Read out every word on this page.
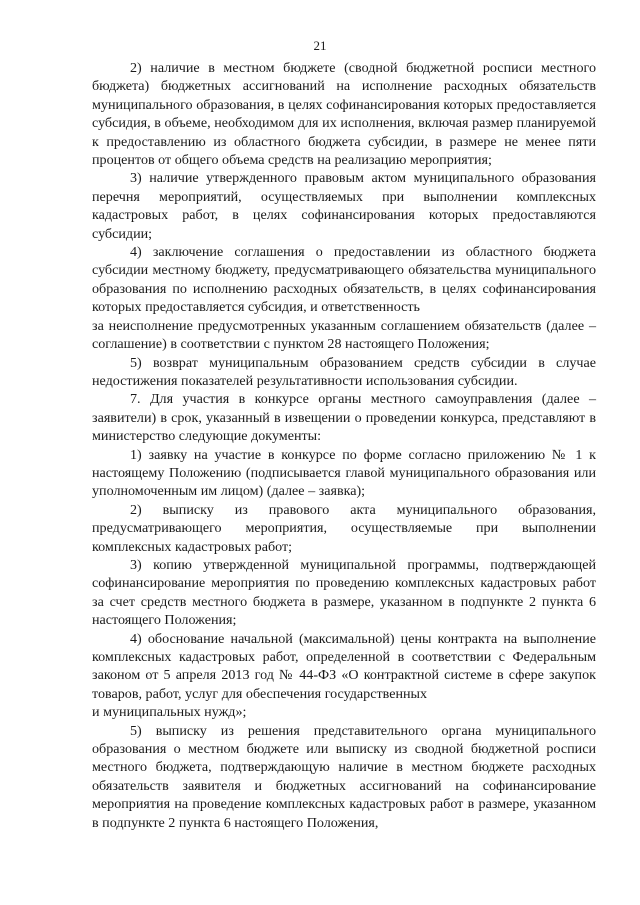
21

2) наличие в местном бюджете (сводной бюджетной росписи местного бюджета) бюджетных ассигнований на исполнение расходных обязательств муниципального образования, в целях софинансирования которых предоставляется субсидия, в объеме, необходимом для их исполнения, включая размер планируемой к предоставлению из областного бюджета субсидии, в размере не менее пяти процентов от общего объема средств на реализацию мероприятия;

3) наличие утвержденного правовым актом муниципального образования перечня мероприятий, осуществляемых при выполнении комплексных кадастровых работ, в целях софинансирования которых предоставляются субсидии;

4) заключение соглашения о предоставлении из областного бюджета субсидии местному бюджету, предусматривающего обязательства муниципального образования по исполнению расходных обязательств, в целях софинансирования которых предоставляется субсидия, и ответственность

за неисполнение предусмотренных указанным соглашением обязательств (далее – соглашение) в соответствии с пунктом 28 настоящего Положения;

5) возврат муниципальным образованием средств субсидии в случае недостижения показателей результативности использования субсидии.

7. Для участия в конкурсе органы местного самоуправления (далее – заявители) в срок, указанный в извещении о проведении конкурса, представляют в министерство следующие документы:

1) заявку на участие в конкурсе по форме согласно приложению № 1 к настоящему Положению (подписывается главой муниципального образования или уполномоченным им лицом) (далее – заявка);

2) выписку из правового акта муниципального образования, предусматривающего мероприятия, осуществляемые при выполнении комплексных кадастровых работ;

3) копию утвержденной муниципальной программы, подтверждающей софинансирование мероприятия по проведению комплексных кадастровых работ за счет средств местного бюджета в размере, указанном в подпункте 2 пункта 6 настоящего Положения;

4) обоснование начальной (максимальной) цены контракта на выполнение комплексных кадастровых работ, определенной в соответствии с Федеральным законом от 5 апреля 2013 год № 44-ФЗ «О контрактной системе в сфере закупок товаров, работ, услуг для обеспечения государственных

и муниципальных нужд»;

5) выписку из решения представительного органа муниципального образования о местном бюджете или выписку из сводной бюджетной росписи местного бюджета, подтверждающую наличие в местном бюджете расходных обязательств заявителя и бюджетных ассигнований на софинансирование мероприятия на проведение комплексных кадастровых работ в размере, указанном в подпункте 2 пункта 6 настоящего Положения,
